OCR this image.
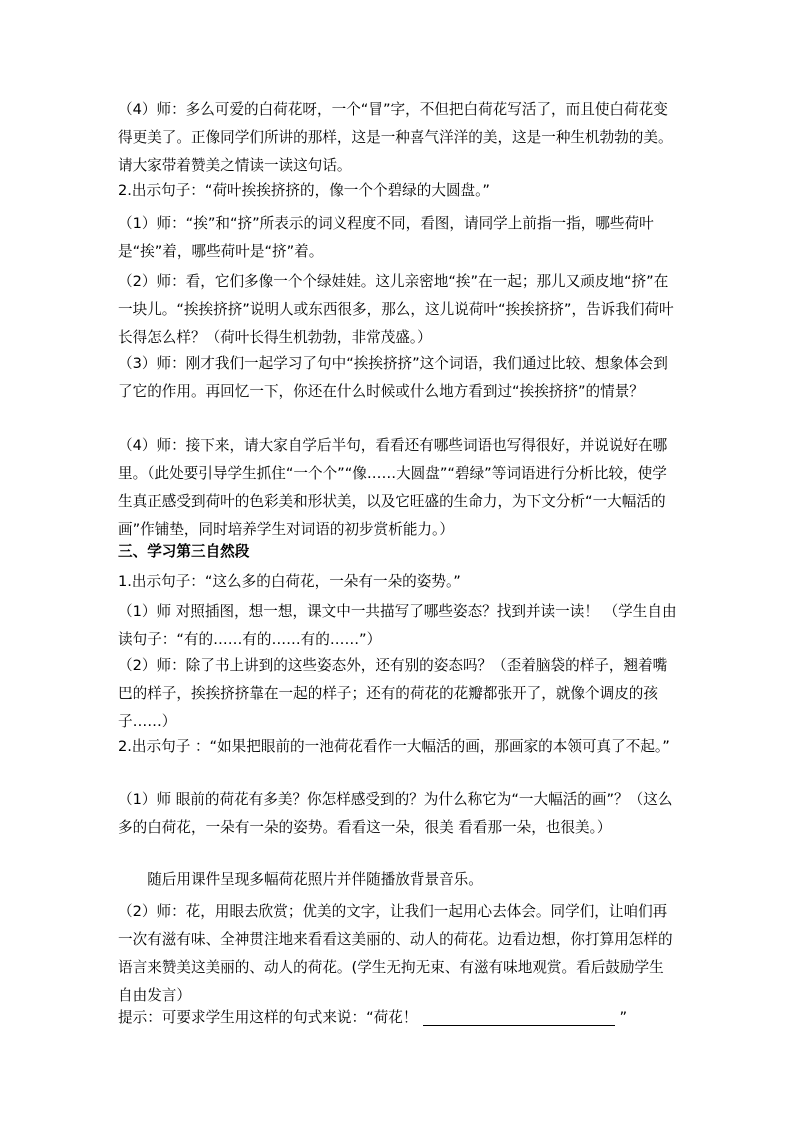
（4）师：多么可爱的白荷花呀，一个“冒”字，不但把白荷花写活了，而且使白荷花变得更美了。正像同学们所讲的那样，这是一种喜气洋洋的美，这是一种生机勃勃的美。请大家带着赞美之情读一读这句话。

2.出示句子：“荷叶挨挨挤挤的，像一个个碧绿的大圆盘。”

（1）师：“挨”和“挤”所表示的词义程度不同，看图，请同学上前指一指，哪些荷叶是“挨”着，哪些荷叶是“挤”着。

（2）师：看，它们多像一个个绿娃娃。这儿亲密地“挨”在一起；那儿又顽皮地“挤”在一块儿。“挨挨挤挤”说明人或东西很多，那么，这儿说荷叶“挨挨挤挤”，告诉我们荷叶长得怎么样？（荷叶长得生机勃勃，非常茂盛。）

（3）师：刚才我们一起学习了句中“挨挨挤挤”这个词语，我们通过比较、想象体会到了它的作用。再回忆一下，你还在什么时候或什么地方看到过“挨挨挤挤”的情景？

（4）师：接下来，请大家自学后半句，看看还有哪些词语也写得很好，并说说好在哪里。（此处要引导学生抓住“一个个”“像……大圆盘”“碧绿”等词语进行分析比较，使学生真正感受到荷叶的色彩美和形状美，以及它旺盛的生命力，为下文分析“一大幅活的画”作铺垫，同时培养学生对词语的初步赏析能力。）

三、学习第三自然段

1.出示句子：“这么多的白荷花，一朵有一朵的姿势。”

（1）师 对照插图，想一想，课文中一共描写了哪些姿态？找到并读一读！ （学生自由读句子：“有的……有的……有的……”）

（2）师：除了书上讲到的这些姿态外，还有别的姿态吗？（歪着脑袋的样子，翘着嘴巴的样子，挨挨挤挤靠在一起的样子；还有的荷花的花瓣都张开了，就像个调皮的孩子……）

2.出示句子 ：“如果把眼前的一池荷花看作一大幅活的画，那画家的本领可真了不起。”

（1）师 眼前的荷花有多美？你怎样感受到的？为什么称它为“一大幅活的画”？（这么多的白荷花，一朵有一朵的姿势。看看这一朵，很美 看看那一朵，也很美。）

随后用课件呈现多幅荷花照片并伴随播放背景音乐。

（2）师：花，用眼去欣赏；优美的文字，让我们一起用心去体会。同学们，让咱们再一次有滋有味、全神贯注地来看看这美丽的、动人的荷花。边看边想，你打算用怎样的语言来赞美这美丽的、动人的荷花。(学生无拘无束、有滋有味地观赏。看后鼓励学生自由发言）

提示：可要求学生用这样的句式来说：“荷花！	”
